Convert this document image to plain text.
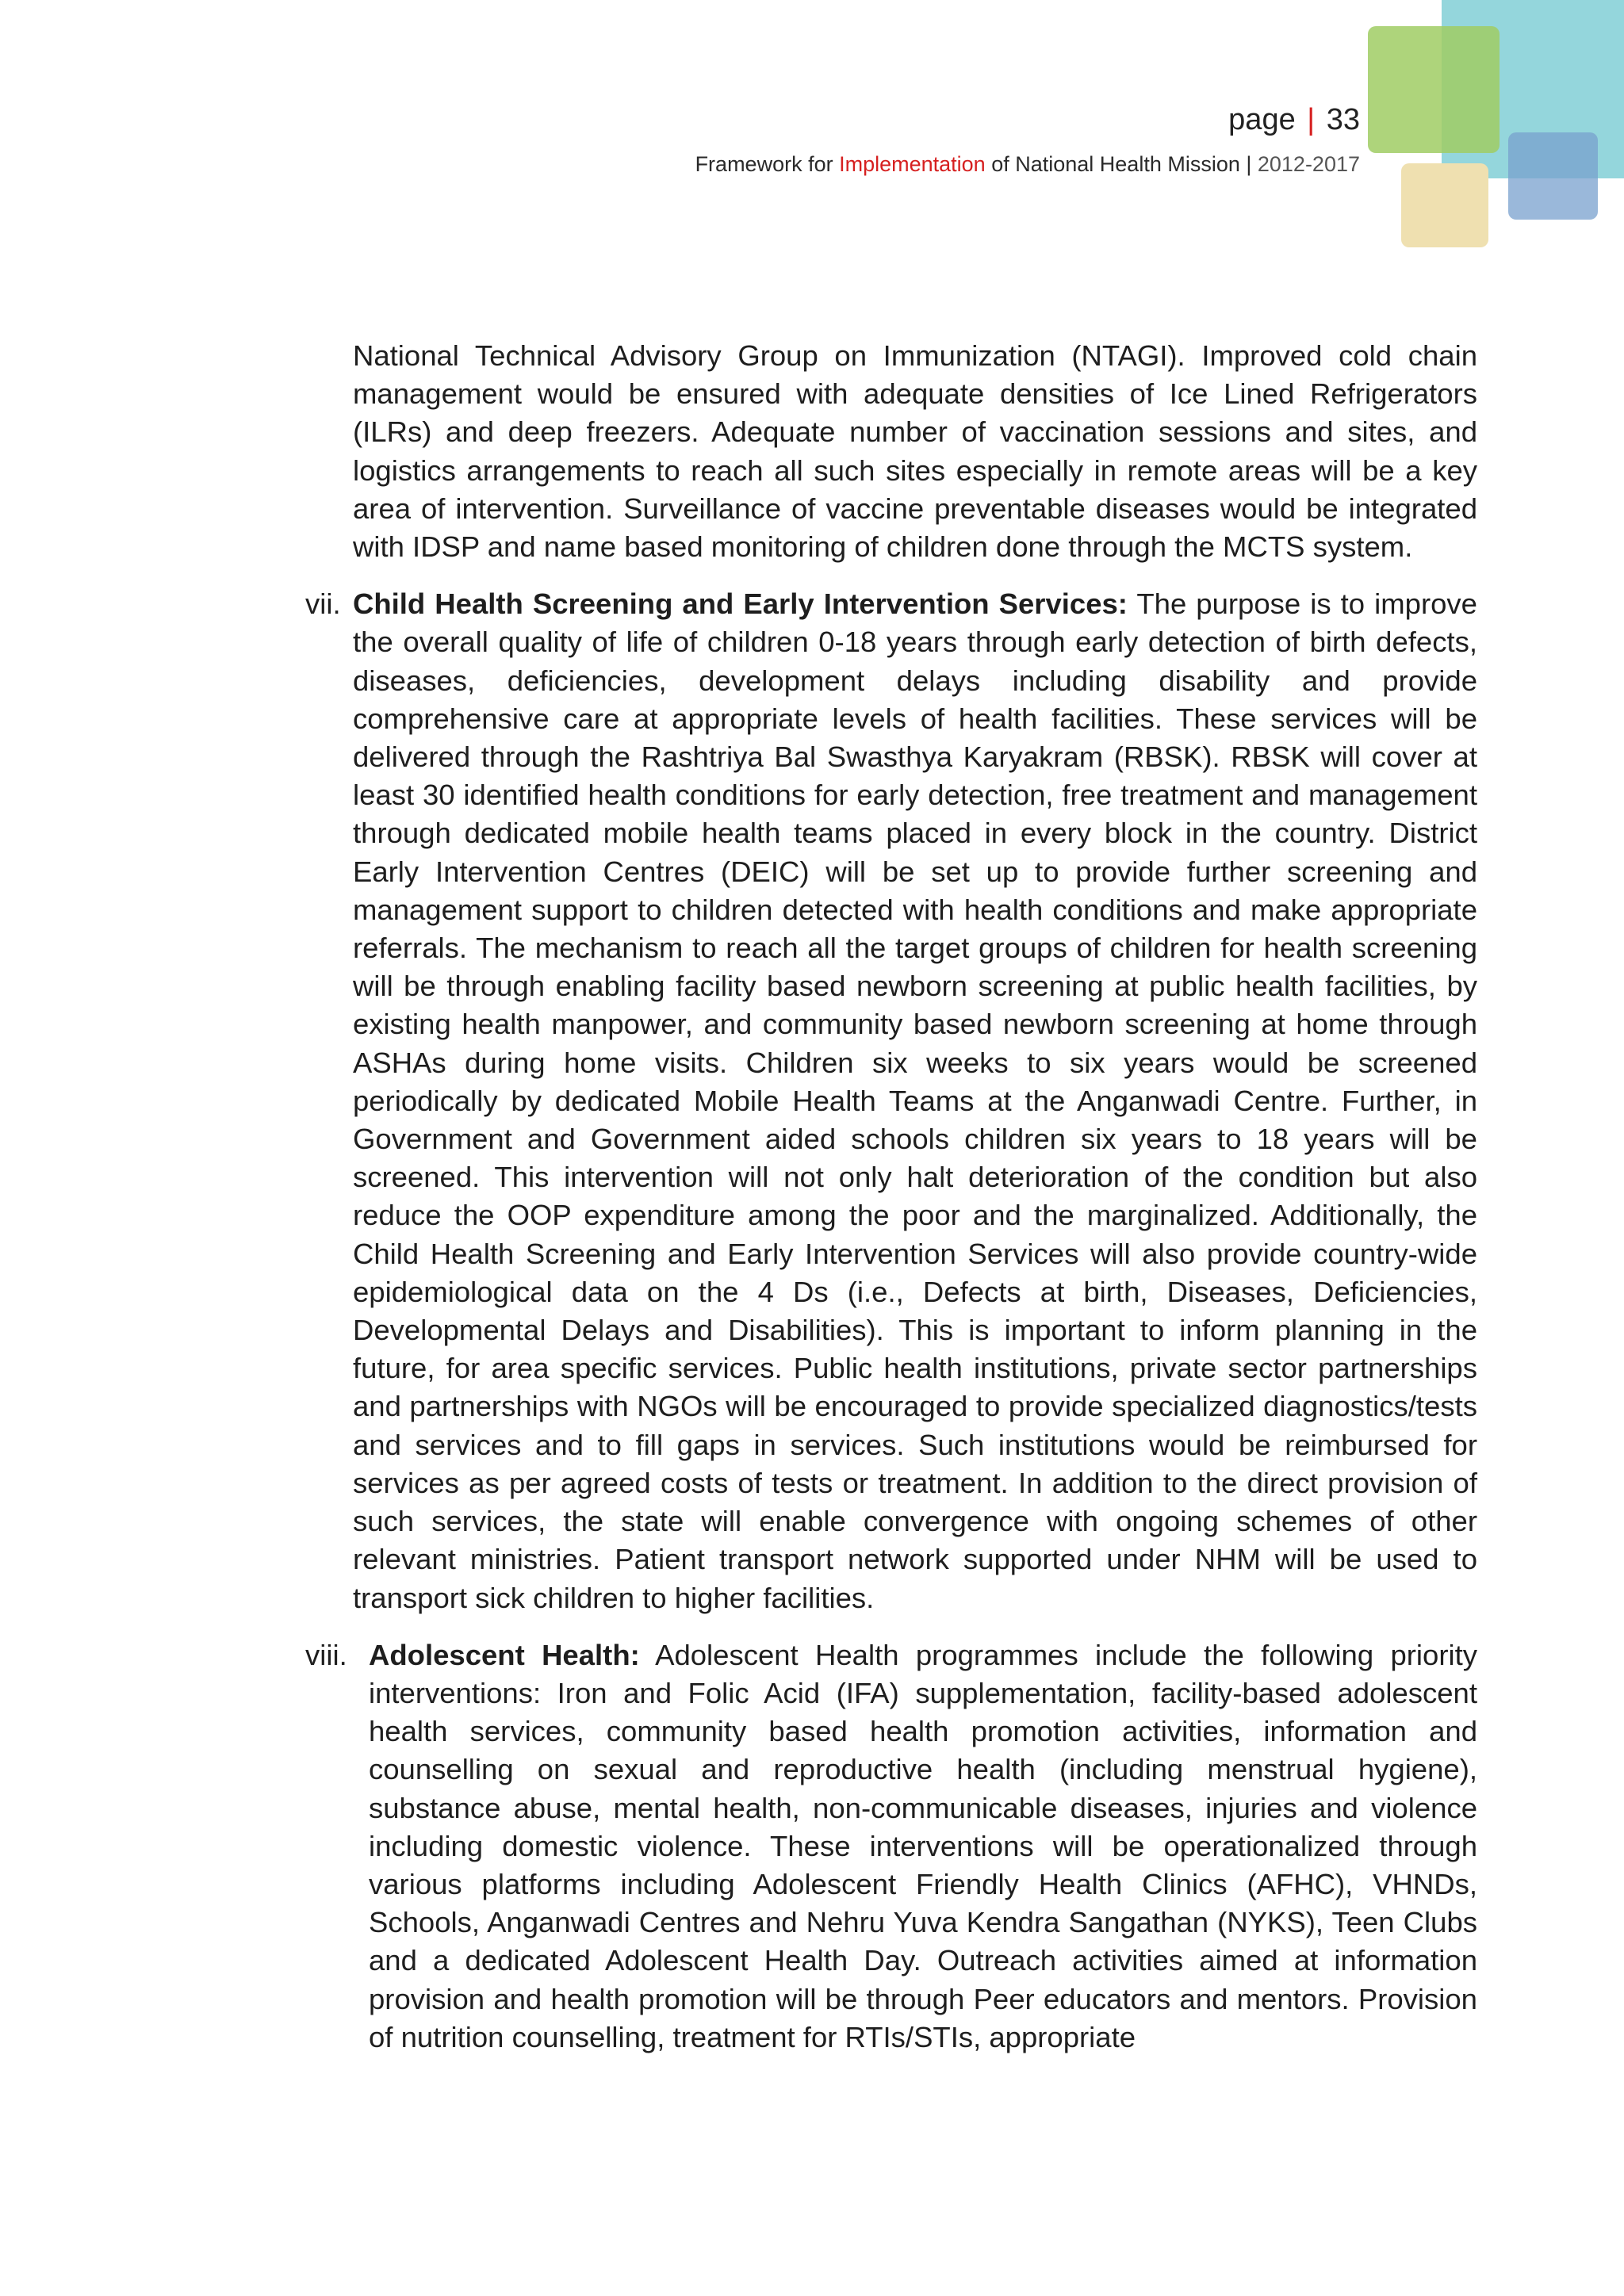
page | 33
Framework for Implementation of National Health Mission | 2012-2017

National Technical Advisory Group on Immunization (NTAGI). Improved cold chain management would be ensured with adequate densities of Ice Lined Refrigerators (ILRs) and deep freezers. Adequate number of vaccination sessions and sites, and logistics arrangements to reach all such sites especially in remote areas will be a key area of intervention. Surveillance of vaccine preventable diseases would be integrated with IDSP and name based monitoring of children done through the MCTS system.

vii. Child Health Screening and Early Intervention Services: The purpose is to improve the overall quality of life of children 0-18 years through early detection of birth defects, diseases, deficiencies, development delays including disability and provide comprehensive care at appropriate levels of health facilities. These services will be delivered through the Rashtriya Bal Swasthya Karyakram (RBSK). RBSK will cover at least 30 identified health conditions for early detection, free treatment and management through dedicated mobile health teams placed in every block in the country. District Early Intervention Centres (DEIC) will be set up to provide further screening and management support to children detected with health conditions and make appropriate referrals. The mechanism to reach all the target groups of children for health screening will be through enabling facility based newborn screening at public health facilities, by existing health manpower, and community based newborn screening at home through ASHAs during home visits. Children six weeks to six years would be screened periodically by dedicated Mobile Health Teams at the Anganwadi Centre. Further, in Government and Government aided schools children six years to 18 years will be screened. This intervention will not only halt deterioration of the condition but also reduce the OOP expenditure among the poor and the marginalized. Additionally, the Child Health Screening and Early Intervention Services will also provide country-wide epidemiological data on the 4 Ds (i.e., Defects at birth, Diseases, Deficiencies, Developmental Delays and Disabilities). This is important to inform planning in the future, for area specific services. Public health institutions, private sector partnerships and partnerships with NGOs will be encouraged to provide specialized diagnostics/tests and services and to fill gaps in services. Such institutions would be reimbursed for services as per agreed costs of tests or treatment. In addition to the direct provision of such services, the state will enable convergence with ongoing schemes of other relevant ministries. Patient transport network supported under NHM will be used to transport sick children to higher facilities.
viii. Adolescent Health: Adolescent Health programmes include the following priority interventions: Iron and Folic Acid (IFA) supplementation, facility-based adolescent health services, community based health promotion activities, information and counselling on sexual and reproductive health (including menstrual hygiene), substance abuse, mental health, non-communicable diseases, injuries and violence including domestic violence. These interventions will be operationalized through various platforms including Adolescent Friendly Health Clinics (AFHC), VHNDs, Schools, Anganwadi Centres and Nehru Yuva Kendra Sangathan (NYKS), Teen Clubs and a dedicated Adolescent Health Day. Outreach activities aimed at information provision and health promotion will be through Peer educators and mentors. Provision of nutrition counselling, treatment for RTIs/STIs, appropriate
